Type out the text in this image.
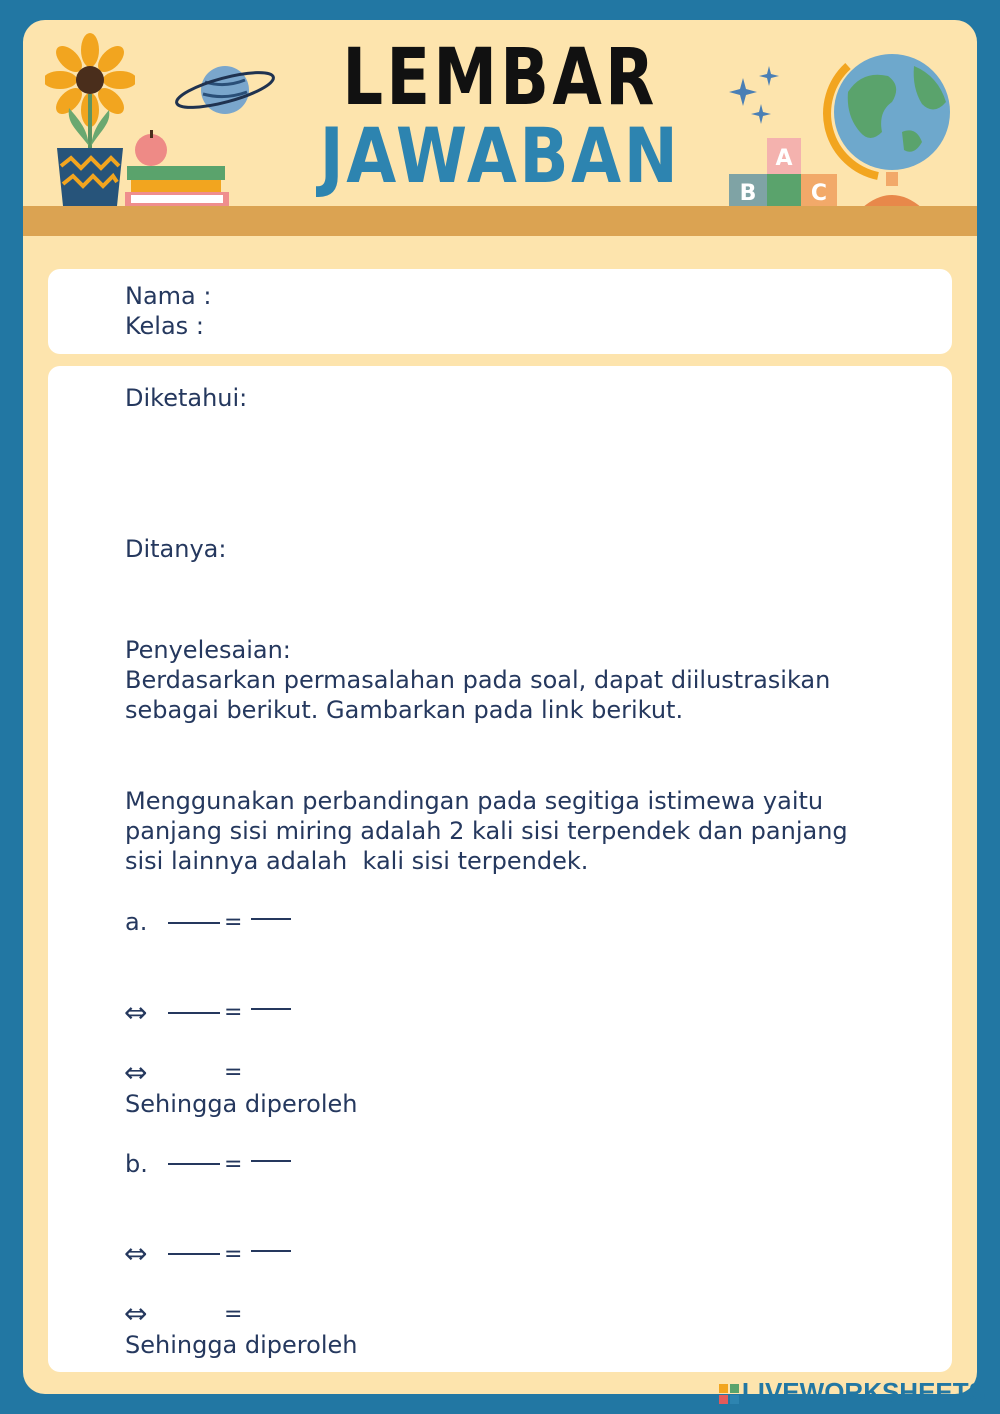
LEMBAR
JAWABAN	A
B C
Nama :
Kelas :
Diketahui:
Ditanya:
Penyelesaian:
Berdasarkan permasalahan pada soal, dapat diilustrasikan
sebagai berikut. Gambarkan pada link berikut.
Menggunakan perbandingan pada segitiga istimewa yaitu
panjang sisi miring adalah 2 kali sisi terpendek dan panjang
sisi lainnya adalah  kali sisi terpendek.
a.	=
⇔	=
⇔	=
Sehingga diperoleh
b.	=
⇔	=
⇔	=
Sehingga diperoleh
LIVEWORKSHEETS
